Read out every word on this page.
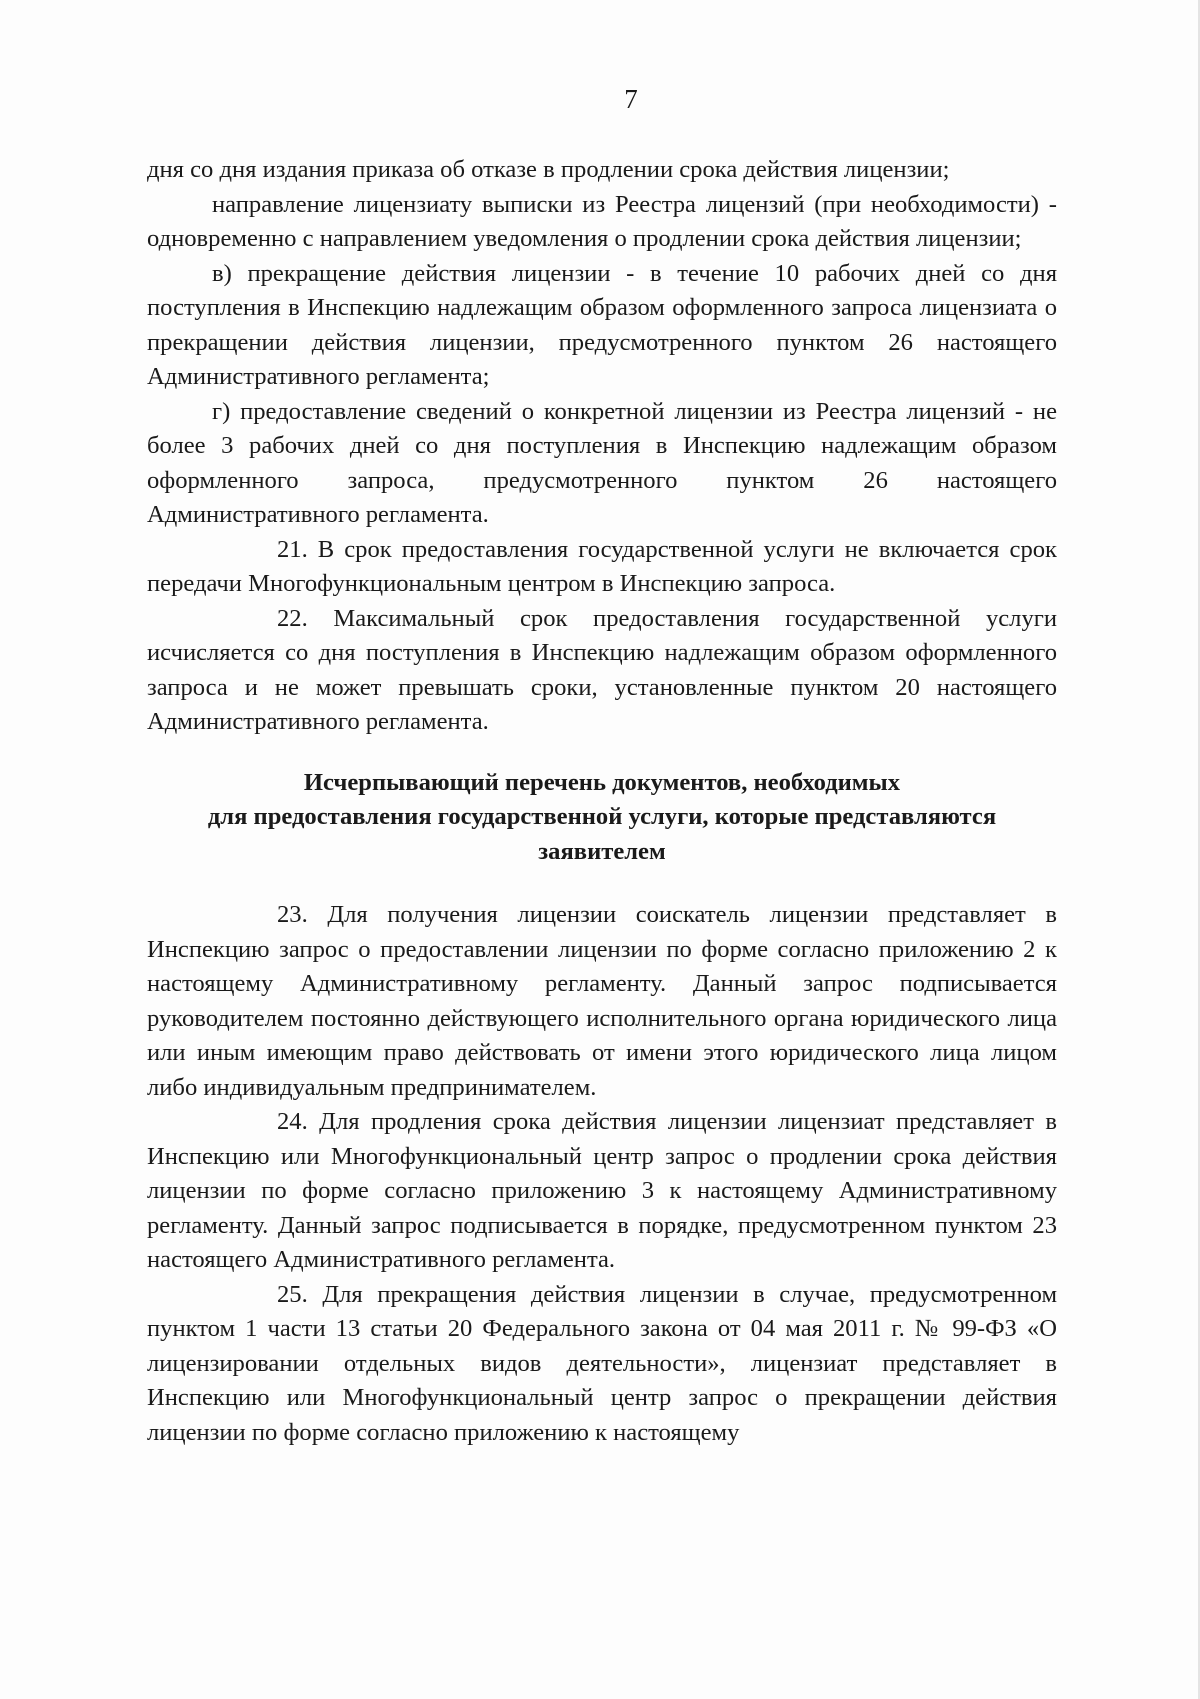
7

дня со дня издания приказа об отказе в продлении срока действия лицензии;

направление лицензиату выписки из Реестра лицензий (при необходимости) - одновременно с направлением уведомления о продлении срока действия лицензии;

в) прекращение действия лицензии - в течение 10 рабочих дней со дня поступления в Инспекцию надлежащим образом оформленного запроса лицензиата о прекращении действия лицензии, предусмотренного пунктом 26 настоящего Административного регламента;

г) предоставление сведений о конкретной лицензии из Реестра лицензий - не более 3 рабочих дней со дня поступления в Инспекцию надлежащим образом оформленного запроса, предусмотренного пунктом 26 настоящего Административного регламента.

21. В срок предоставления государственной услуги не включается срок передачи Многофункциональным центром в Инспекцию запроса.

22. Максимальный срок предоставления государственной услуги исчисляется со дня поступления в Инспекцию надлежащим образом оформленного запроса и не может превышать сроки, установленные пунктом 20 настоящего Административного регламента.

Исчерпывающий перечень документов, необходимых
для предоставления государственной услуги, которые представляются
заявителем

23. Для получения лицензии соискатель лицензии представляет в Инспекцию запрос о предоставлении лицензии по форме согласно приложению 2 к настоящему Административному регламенту. Данный запрос подписывается руководителем постоянно действующего исполнительного органа юридического лица или иным имеющим право действовать от имени этого юридического лица лицом либо индивидуальным предпринимателем.

24. Для продления срока действия лицензии лицензиат представляет в Инспекцию или Многофункциональный центр запрос о продлении срока действия лицензии по форме согласно приложению 3 к настоящему Административному регламенту. Данный запрос подписывается в порядке, предусмотренном пунктом 23 настоящего Административного регламента.

25. Для прекращения действия лицензии в случае, предусмотренном пунктом 1 части 13 статьи 20 Федерального закона от 04 мая 2011 г. № 99-ФЗ «О лицензировании отдельных видов деятельности», лицензиат представляет в Инспекцию или Многофункциональный центр запрос о прекращении действия лицензии по форме согласно приложению к настоящему
